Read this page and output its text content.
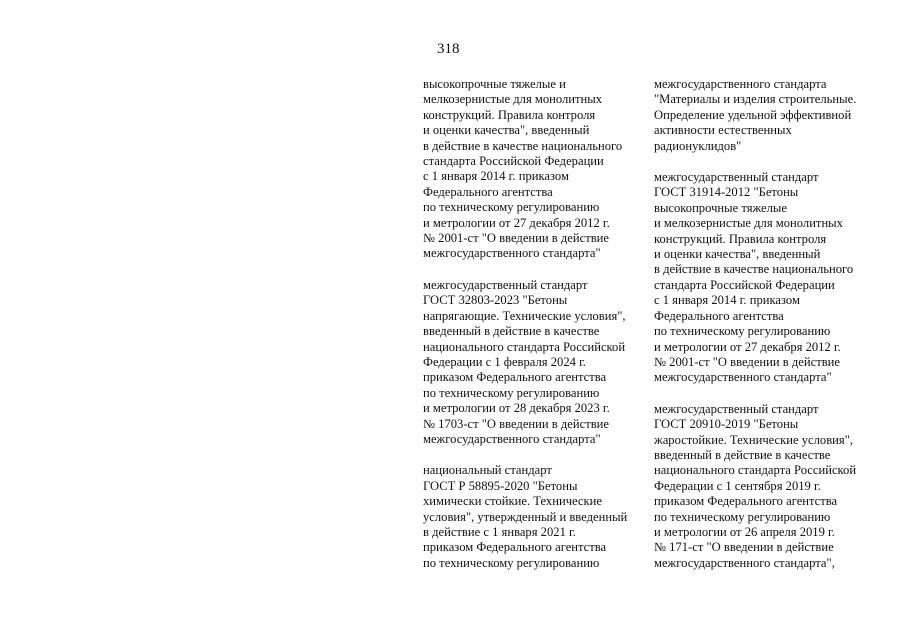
318
высокопрочные тяжелые и
мелкозернистые для монолитных
конструкций. Правила контроля
и оценки качества", введенный
в действие в качестве национального
стандарта Российской Федерации
с 1 января 2014 г. приказом
Федерального агентства
по техническому регулированию
и метрологии от 27 декабря 2012 г.
№ 2001-ст "О введении в действие
межгосударственного стандарта"
межгосударственный стандарт
ГОСТ 32803-2023 "Бетоны
напрягающие. Технические условия",
введенный в действие в качестве
национального стандарта Российской
Федерации с 1 февраля 2024 г.
приказом Федерального агентства
по техническому регулированию
и метрологии от 28 декабря 2023 г.
№ 1703-ст "О введении в действие
межгосударственного стандарта"
национальный стандарт
ГОСТ Р 58895-2020 "Бетоны
химически стойкие. Технические
условия", утвержденный и введенный
в действие с 1 января 2021 г.
приказом Федерального агентства
по техническому регулированию
межгосударственного стандарта
"Материалы и изделия строительные.
Определение удельной эффективной
активности естественных
радионуклидов"
межгосударственный стандарт
ГОСТ 31914-2012 "Бетоны
высокопрочные тяжелые
и мелкозернистые для монолитных
конструкций. Правила контроля
и оценки качества", введенный
в действие в качестве национального
стандарта Российской Федерации
с 1 января 2014 г. приказом
Федерального агентства
по техническому регулированию
и метрологии от 27 декабря 2012 г.
№ 2001-ст "О введении в действие
межгосударственного стандарта"
межгосударственный стандарт
ГОСТ 20910-2019 "Бетоны
жаростойкие. Технические условия",
введенный в действие в качестве
национального стандарта Российской
Федерации с 1 сентября 2019 г.
приказом Федерального агентства
по техническому регулированию
и метрологии от 26 апреля 2019 г.
№ 171-ст "О введении в действие
межгосударственного стандарта",
